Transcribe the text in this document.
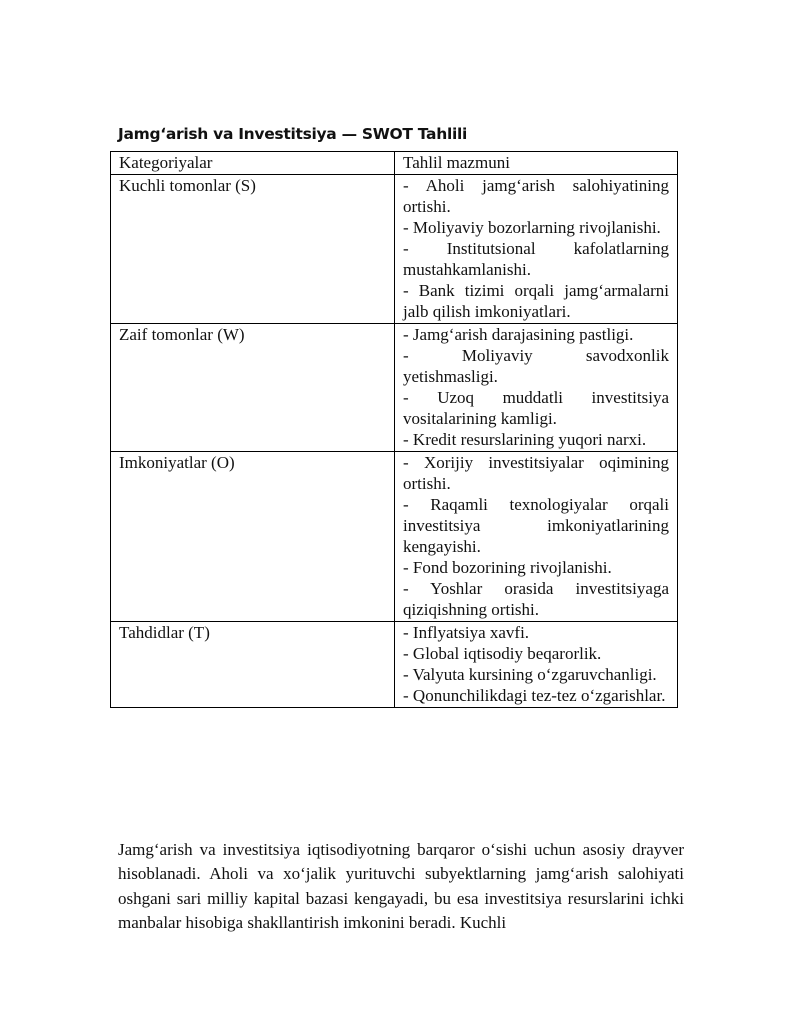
Jamgʻarish va Investitsiya — SWOT Tahlili
Kategoriyalar	Tahlil mazmuni
Kuchli tomonlar (S)	- Aholi jamgʻarish salohiyatining ortishi.
- Moliyaviy bozorlarning rivojlanishi.
- Institutsional kafolatlarning mustahkamlanishi.
- Bank tizimi orqali jamgʻarmalarni jalb qilish imkoniyatlari.

Zaif tomonlar (W)	- Jamgʻarish darajasining pastligi.
- Moliyaviy savodxonlik yetishmasligi.
- Uzoq muddatli investitsiya vositalarining kamligi.
- Kredit resurslarining yuqori narxi.

Imkoniyatlar (O)	- Xorijiy investitsiyalar oqimining ortishi.
- Raqamli texnologiyalar orqali investitsiya imkoniyatlarining kengayishi.
- Fond bozorining rivojlanishi.
- Yoshlar orasida investitsiyaga qiziqishning ortishi.

Tahdidlar (T)	- Inflyatsiya xavfi.
- Global iqtisodiy beqarorlik.
- Valyuta kursining oʻzgaruvchanligi.
- Qonunchilikdagi tez-tez oʻzgarishlar.

Jamgʻarish va investitsiya iqtisodiyotning barqaror oʻsishi uchun asosiy drayver hisoblanadi. Aholi va xoʻjalik yurituvchi subyektlarning jamgʻarish salohiyati oshgani sari milliy kapital bazasi kengayadi, bu esa investitsiya resurslarini ichki manbalar hisobiga shakllantirish imkonini beradi. Kuchli
